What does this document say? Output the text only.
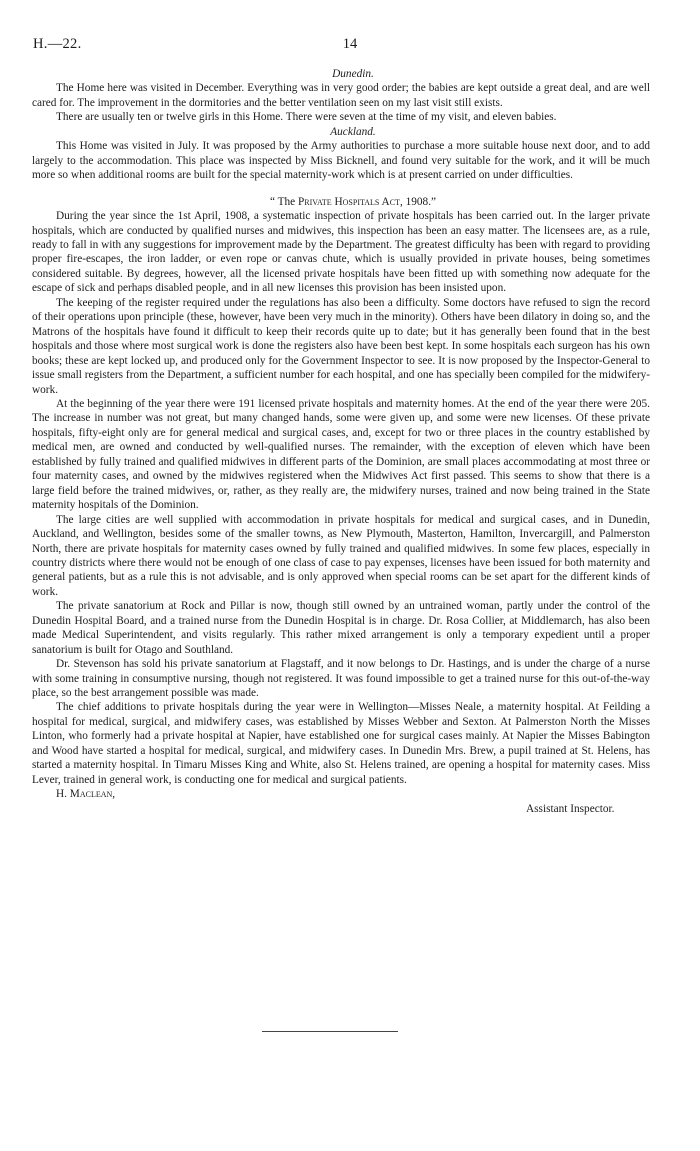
H.—22.	14

Dunedin.

The Home here was visited in December. Everything was in very good order; the babies are kept outside a great deal, and are well cared for. The improvement in the dormitories and the better ventilation seen on my last visit still exists.

There are usually ten or twelve girls in this Home. There were seven at the time of my visit, and eleven babies.

Auckland.

This Home was visited in July. It was proposed by the Army authorities to purchase a more suitable house next door, and to add largely to the accommodation. This place was inspected by Miss Bicknell, and found very suitable for the work, and it will be much more so when additional rooms are built for the special maternity-work which is at present carried on under difficulties.

“ The Private Hospitals Act, 1908.”

During the year since the 1st April, 1908, a systematic inspection of private hospitals has been carried out. In the larger private hospitals, which are conducted by qualified nurses and midwives, this inspection has been an easy matter. The licensees are, as a rule, ready to fall in with any suggestions for improvement made by the Department. The greatest difficulty has been with regard to providing proper fire-escapes, the iron ladder, or even rope or canvas chute, which is usually provided in private houses, being sometimes considered suitable. By degrees, however, all the licensed private hospitals have been fitted up with something now adequate for the escape of sick and perhaps disabled people, and in all new licenses this provision has been insisted upon.

The keeping of the register required under the regulations has also been a difficulty. Some doctors have refused to sign the record of their operations upon principle (these, however, have been very much in the minority). Others have been dilatory in doing so, and the Matrons of the hospitals have found it difficult to keep their records quite up to date; but it has generally been found that in the best hospitals and those where most surgical work is done the registers also have been best kept. In some hospitals each surgeon has his own books; these are kept locked up, and produced only for the Government Inspector to see. It is now proposed by the Inspector-General to issue small registers from the Department, a sufficient number for each hospital, and one has specially been compiled for the midwifery-work.

At the beginning of the year there were 191 licensed private hospitals and maternity homes. At the end of the year there were 205. The increase in number was not great, but many changed hands, some were given up, and some were new licenses. Of these private hospitals, fifty-eight only are for general medical and surgical cases, and, except for two or three places in the country established by medical men, are owned and conducted by well-qualified nurses. The remainder, with the exception of eleven which have been established by fully trained and qualified midwives in different parts of the Dominion, are small places accommodating at most three or four maternity cases, and owned by the midwives registered when the Midwives Act first passed. This seems to show that there is a large field before the trained midwives, or, rather, as they really are, the midwifery nurses, trained and now being trained in the State maternity hospitals of the Dominion.

The large cities are well supplied with accommodation in private hospitals for medical and surgical cases, and in Dunedin, Auckland, and Wellington, besides some of the smaller towns, as New Plymouth, Masterton, Hamilton, Invercargill, and Palmerston North, there are private hospitals for maternity cases owned by fully trained and qualified midwives. In some few places, especially in country districts where there would not be enough of one class of case to pay expenses, licenses have been issued for both maternity and general patients, but as a rule this is not advisable, and is only approved when special rooms can be set apart for the different kinds of work.

The private sanatorium at Rock and Pillar is now, though still owned by an untrained woman, partly under the control of the Dunedin Hospital Board, and a trained nurse from the Dunedin Hospital is in charge. Dr. Rosa Collier, at Middlemarch, has also been made Medical Superintendent, and visits regularly. This rather mixed arrangement is only a temporary expedient until a proper sanatorium is built for Otago and Southland.

Dr. Stevenson has sold his private sanatorium at Flagstaff, and it now belongs to Dr. Hastings, and is under the charge of a nurse with some training in consumptive nursing, though not registered. It was found impossible to get a trained nurse for this out-of-the-way place, so the best arrangement possible was made.

The chief additions to private hospitals during the year were in Wellington—Misses Neale, a maternity hospital. At Feilding a hospital for medical, surgical, and midwifery cases, was established by Misses Webber and Sexton. At Palmerston North the Misses Linton, who formerly had a private hospital at Napier, have established one for surgical cases mainly. At Napier the Misses Babington and Wood have started a hospital for medical, surgical, and midwifery cases. In Dunedin Mrs. Brew, a pupil trained at St. Helens, has started a maternity hospital. In Timaru Misses King and White, also St. Helens trained, are opening a hospital for maternity cases. Miss Lever, trained in general work, is conducting one for medical and surgical patients.

H. Maclean,

Assistant Inspector.
